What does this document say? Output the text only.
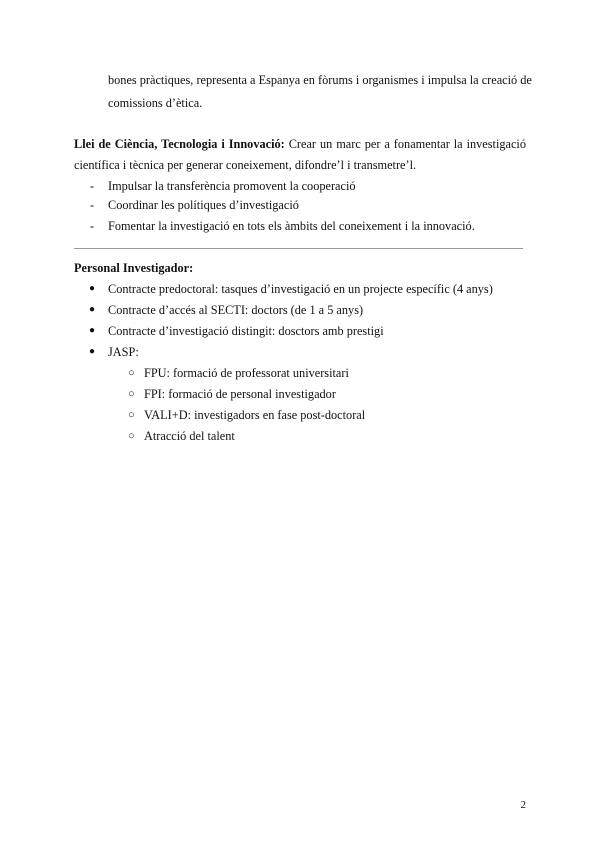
bones pràctiques, representa a Espanya en fòrums i organismes i impulsa la creació de
comissions d’ètica.
Llei de Ciència, Tecnologia i Innovació: Crear un marc per a fonamentar la investigació
científica i tècnica per generar coneixement, difondre’l i transmetre’l.
- Impulsar la transferència promovent la cooperació
- Coordinar les polítiques d’investigació
- Fomentar la investigació en tots els àmbits del coneixement i la innovació.
Personal Investigador:
● Contracte predoctoral: tasques d’investigació en un projecte específic (4 anys)
● Contracte d’accés al SECTI: doctors (de 1 a 5 anys)
● Contracte d’investigació distingit: dosctors amb prestigi
● JASP:
○ FPU: formació de professorat universitari
○ FPI: formació de personal investigador
○ VALI+D: investigadors en fase post-doctoral
○ Atracció del talent
2
